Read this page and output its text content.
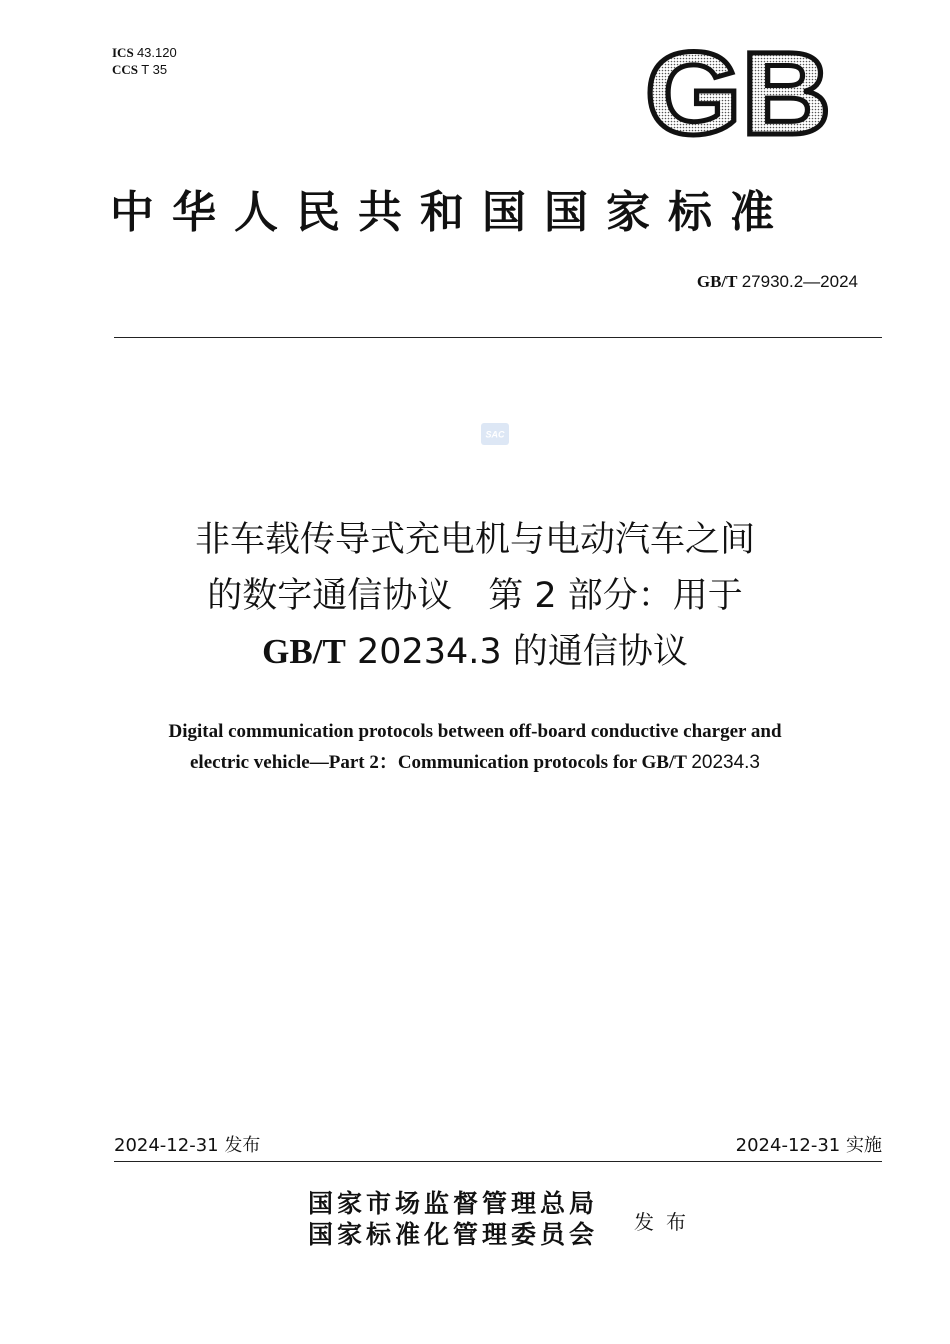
ICS 43.120
CCS T 35	GB
中华人民共和国国家标准
GB/T 27930.2—2024
SAC
非车载传导式充电机与电动汽车之间
的数字通信协议 第 2 部分：用于
GB/T 20234.3 的通信协议
Digital communication protocols between off-board conductive charger and
electric vehicle—Part 2：Communication protocols for GB/T 20234.3
2024-12-31 发布	2024-12-31 实施
国家市场监督管理总局
国家标准化管理委员会 发布
